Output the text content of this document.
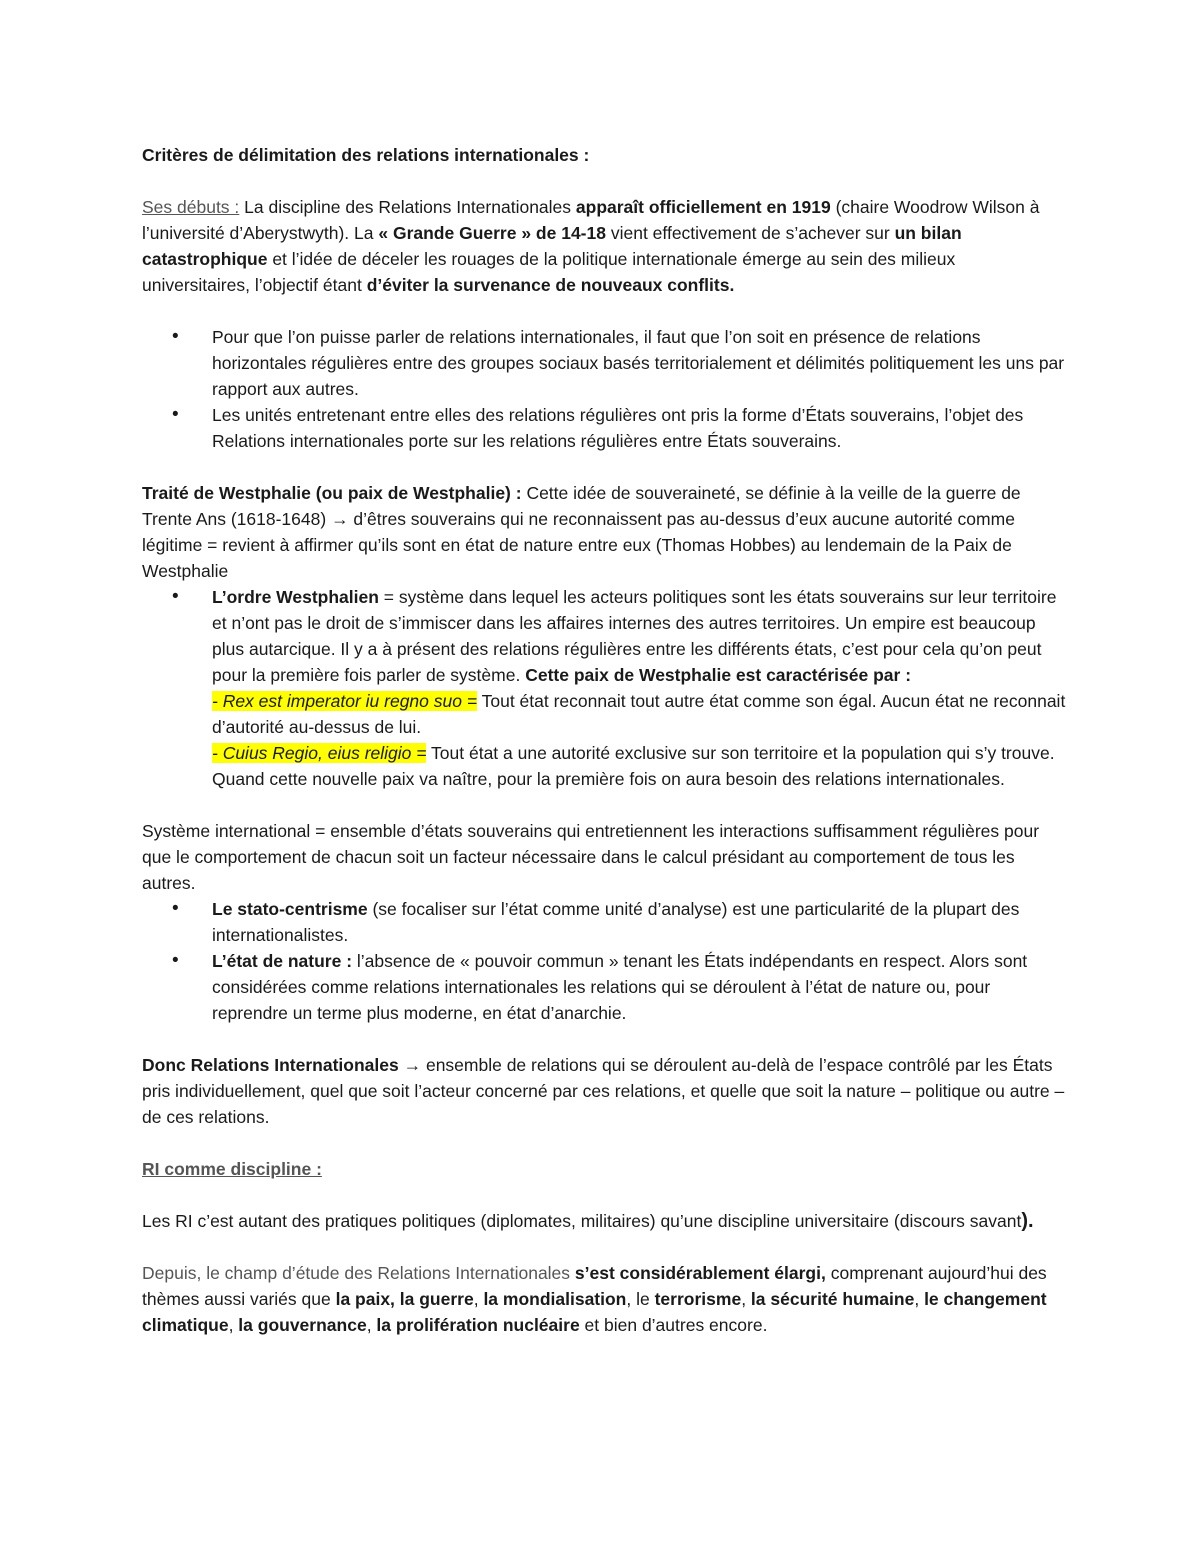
Critères de délimitation des relations internationales :

Ses débuts : La discipline des Relations Internationales apparaît officiellement en 1919 (chaire Woodrow Wilson à l’université d’Aberystwyth). La « Grande Guerre » de 14-18 vient effectivement de s’achever sur un bilan catastrophique et l’idée de déceler les rouages de la politique internationale émerge au sein des milieux universitaires, l’objectif étant d’éviter la survenance de nouveaux conflits.

• Pour que l’on puisse parler de relations internationales, il faut que l’on soit en présence de relations horizontales régulières entre des groupes sociaux basés territorialement et délimités politiquement les uns par rapport aux autres.
• Les unités entretenant entre elles des relations régulières ont pris la forme d’États souverains, l’objet des Relations internationales porte sur les relations régulières entre États souverains.

Traité de Westphalie (ou paix de Westphalie) : Cette idée de souveraineté, se définie à la veille de la guerre de Trente Ans (1618-1648) → d’êtres souverains qui ne reconnaissent pas au-dessus d’eux aucune autorité comme légitime = revient à affirmer qu’ils sont en état de nature entre eux (Thomas Hobbes) au lendemain de la Paix de Westphalie

• L’ordre Westphalien = système dans lequel les acteurs politiques sont les états souverains sur leur territoire et n’ont pas le droit de s’immiscer dans les affaires internes des autres territoires. Un empire est beaucoup plus autarcique. Il y a à présent des relations régulières entre les différents états, c’est pour cela qu’on peut pour la première fois parler de système. Cette paix de Westphalie est caractérisée par :
- Rex est imperator iu regno suo = Tout état reconnait tout autre état comme son égal. Aucun état ne reconnait d’autorité au-dessus de lui.
- Cuius Regio, eius religio = Tout état a une autorité exclusive sur son territoire et la population qui s’y trouve. Quand cette nouvelle paix va naître, pour la première fois on aura besoin des relations internationales.

Système international = ensemble d’états souverains qui entretiennent les interactions suffisamment régulières pour que le comportement de chacun soit un facteur nécessaire dans le calcul présidant au comportement de tous les autres.

• Le stato-centrisme (se focaliser sur l’état comme unité d’analyse) est une particularité de la plupart des internationalistes.
• L’état de nature : l’absence de « pouvoir commun » tenant les États indépendants en respect. Alors sont considérées comme relations internationales les relations qui se déroulent à l’état de nature ou, pour reprendre un terme plus moderne, en état d’anarchie.

Donc Relations Internationales → ensemble de relations qui se déroulent au-delà de l’espace contrôlé par les États pris individuellement, quel que soit l’acteur concerné par ces relations, et quelle que soit la nature – politique ou autre – de ces relations.

RI comme discipline :

Les RI c’est autant des pratiques politiques (diplomates, militaires) qu’une discipline universitaire (discours savant).

Depuis, le champ d’étude des Relations Internationales s’est considérablement élargi, comprenant aujourd’hui des thèmes aussi variés que la paix, la guerre, la mondialisation, le terrorisme, la sécurité humaine, le changement climatique, la gouvernance, la prolifération nucléaire et bien d’autres encore.
